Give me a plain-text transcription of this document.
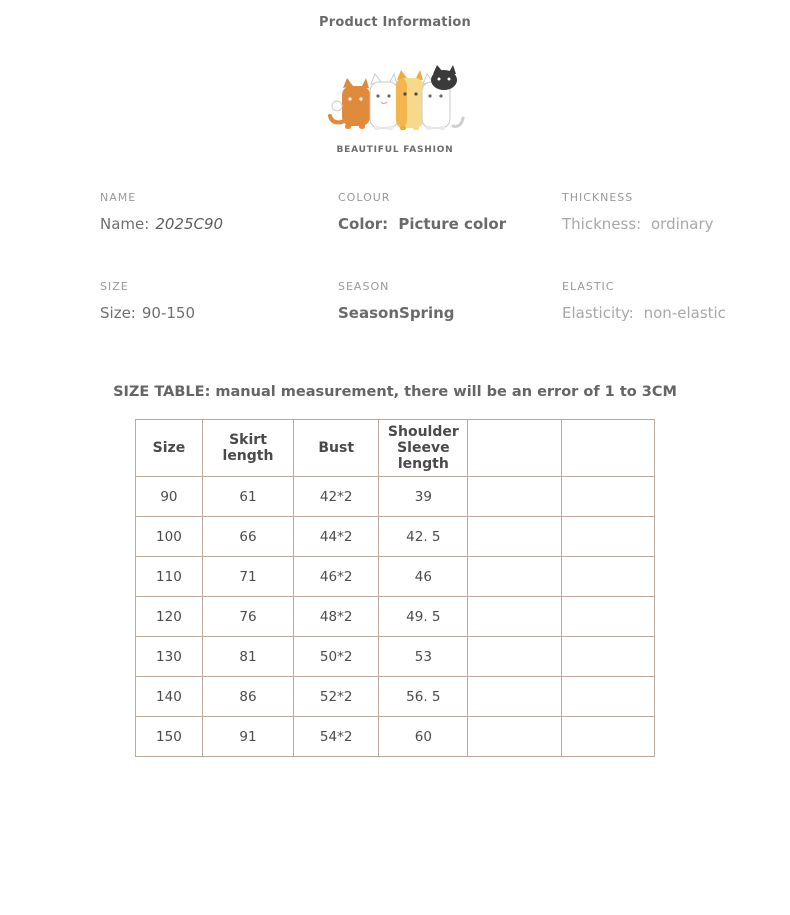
Product Information
BEAUTIFUL FASHION
NAME
Name: 2025C90
COLOUR
Color: Picture color
THICKNESS
Thickness: ordinary
SIZE
Size: 90-150
SEASON
Season Spring
ELASTIC
Elasticity: non-elastic
SIZE TABLE: manual measurement, there will be an error of 1 to 3CM
Size	Skirt length	Bust	Shoulder Sleeve length		
90	61	42*2	39		
100	66	44*2	42. 5		
110	71	46*2	46		
120	76	48*2	49. 5		
130	81	50*2	53		
140	86	52*2	56. 5		
150	91	54*2	60		
